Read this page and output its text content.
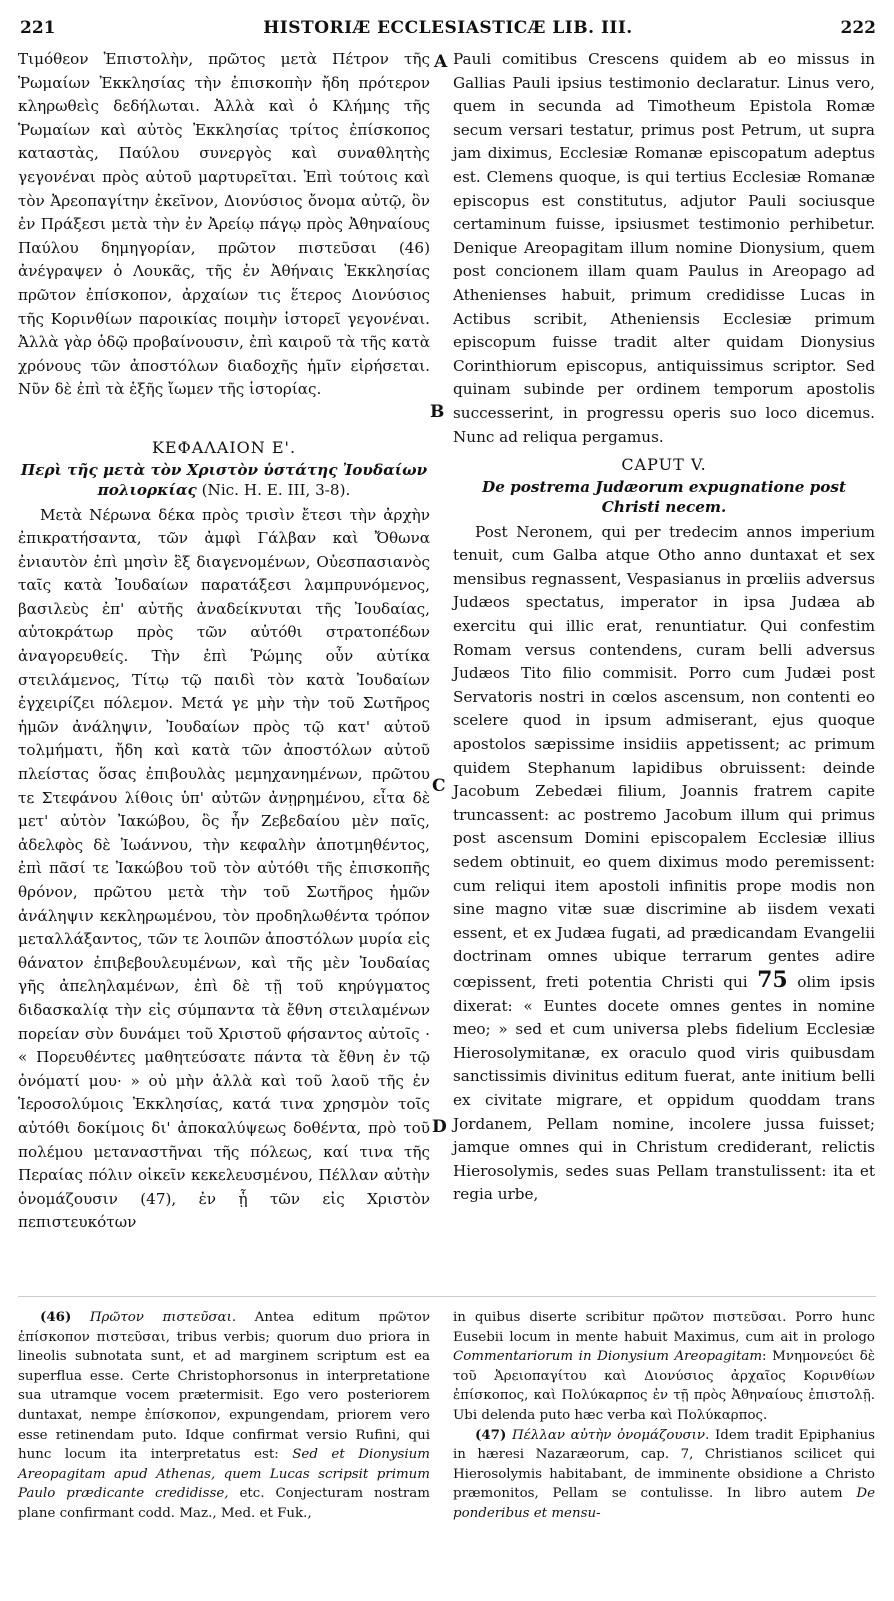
221	HISTORIÆ ECCLESIASTICÆ LIB. III.	222
A
B
C
D

Τιμόθεον Ἐπιστολὴν, πρῶτος μετὰ Πέτρον τῆς Ῥωμαίων Ἐκκλησίας τὴν ἐπισκοπὴν ἤδη πρότερον κληρωθεὶς δεδήλωται. Ἀλλὰ καὶ ὁ Κλήμης τῆς Ῥωμαίων καὶ αὐτὸς Ἐκκλησίας τρίτος ἐπίσκοπος καταστὰς, Παύλου συνεργὸς καὶ συναθλητὴς γεγονέναι πρὸς αὐτοῦ μαρτυρεῖται. Ἐπὶ τούτοις καὶ τὸν Ἀρεοπαγίτην ἐκεῖνον, Διονύσιος ὄνομα αὐτῷ, ὃν ἐν Πράξεσι μετὰ τὴν ἐν Ἀρείῳ πάγῳ πρὸς Ἀθηναίους Παύλου δημηγορίαν, πρῶτον πιστεῦσαι (46) ἀνέγραψεν ὁ Λουκᾶς, τῆς ἐν Ἀθήναις Ἐκκλησίας πρῶτον ἐπίσκοπον, ἀρχαίων τις ἕτερος Διονύσιος τῆς Κορινθίων παροικίας ποιμὴν ἱστορεῖ γεγονέναι. Ἀλλὰ γὰρ ὁδῷ προβαίνουσιν, ἐπὶ καιροῦ τὰ τῆς κατὰ χρόνους τῶν ἀποστόλων διαδοχῆς ἡμῖν εἰρήσεται. Νῦν δὲ ἐπὶ τὰ ἑξῆς ἴωμεν τῆς ἱστορίας.

ΚΕΦΑΛΑΙΟΝ Ε'.
Περὶ τῆς μετὰ τὸν Χριστὸν ὑστάτης Ἰουδαίων πολιορκίας (Nic. H. E. III, 3-8).

Μετὰ Νέρωνα δέκα πρὸς τρισὶν ἔτεσι τὴν ἀρχὴν ἐπικρατήσαντα, τῶν ἀμφὶ Γάλβαν καὶ Ὄθωνα ἐνιαυτὸν ἐπὶ μησὶν ἓξ διαγενομένων, Οὐεσπασιανὸς ταῖς κατὰ Ἰουδαίων παρατάξεσι λαμπρυνόμενος, βασιλεὺς ἐπ' αὐτῆς ἀναδείκνυται τῆς Ἰουδαίας, αὐτοκράτωρ πρὸς τῶν αὐτόθι στρατοπέδων ἀναγορευθείς. Τὴν ἐπὶ Ῥώμης οὖν αὐτίκα στειλάμενος, Τίτῳ τῷ παιδὶ τὸν κατὰ Ἰουδαίων ἐγχειρίζει πόλεμον. Μετά γε μὴν τὴν τοῦ Σωτῆρος ἡμῶν ἀνάληψιν, Ἰουδαίων πρὸς τῷ κατ' αὐτοῦ τολμήματι, ἤδη καὶ κατὰ τῶν ἀποστόλων αὐτοῦ πλείστας ὅσας ἐπιβουλὰς μεμηχανημένων, πρῶτου τε Στεφάνου λίθοις ὑπ' αὐτῶν ἀνῃρημένου, εἶτα δὲ μετ' αὐτὸν Ἰακώβου, ὃς ἦν Ζεβεδαίου μὲν παῖς, ἀδελφὸς δὲ Ἰωάννου, τὴν κεφαλὴν ἀποτμηθέντος, ἐπὶ πᾶσί τε Ἰακώβου τοῦ τὸν αὐτόθι τῆς ἐπισκοπῆς θρόνον, πρῶτου μετὰ τὴν τοῦ Σωτῆρος ἡμῶν ἀνάληψιν κεκληρωμένου, τὸν προδηλωθέντα τρόπον μεταλλάξαντος, τῶν τε λοιπῶν ἀποστόλων μυρία εἰς θάνατον ἐπιβεβουλευμένων, καὶ τῆς μὲν Ἰουδαίας γῆς ἀπεληλαμένων, ἐπὶ δὲ τῇ τοῦ κηρύγματος διδασκαλίᾳ τὴν εἰς σύμπαντα τὰ ἔθνη στειλαμένων πορείαν σὺν δυνάμει τοῦ Χριστοῦ φήσαντος αὐτοῖς · « Πορευθέντες μαθητεύσατε πάντα τὰ ἔθνη ἐν τῷ ὀνόματί μου· » οὐ μὴν ἀλλὰ καὶ τοῦ λαοῦ τῆς ἐν Ἱεροσολύμοις Ἐκκλησίας, κατά τινα χρησμὸν τοῖς αὐτόθι δοκίμοις δι' ἀποκαλύψεως δοθέντα, πρὸ τοῦ πολέμου μεταναστῆναι τῆς πόλεως, καί τινα τῆς Περαίας πόλιν οἰκεῖν κεκελευσμένου, Πέλλαν αὐτὴν ὀνομάζουσιν (47), ἐν ᾗ τῶν εἰς Χριστὸν πεπιστευκότων

Pauli comitibus Crescens quidem ab eo missus in Gallias Pauli ipsius testimonio declaratur. Linus vero, quem in secunda ad Timotheum Epistola Romæ secum versari testatur, primus post Petrum, ut supra jam diximus, Ecclesiæ Romanæ episcopatum adeptus est. Clemens quoque, is qui tertius Ecclesiæ Romanæ episcopus est constitutus, adjutor Pauli sociusque certaminum fuisse, ipsiusmet testimonio perhibetur. Denique Areopagitam illum nomine Dionysium, quem post concionem illam quam Paulus in Areopago ad Athenienses habuit, primum credidisse Lucas in Actibus scribit, Atheniensis Ecclesiæ primum episcopum fuisse tradit alter quidam Dionysius Corinthiorum episcopus, antiquissimus scriptor. Sed quinam subinde per ordinem temporum apostolis successerint, in progressu operis suo loco dicemus. Nunc ad reliqua pergamus.

CAPUT V.
De postrema Judæorum expugnatione post Christi necem.

Post Neronem, qui per tredecim annos imperium tenuit, cum Galba atque Otho anno duntaxat et sex mensibus regnassent, Vespasianus in prœliis adversus Judæos spectatus, imperator in ipsa Judæa ab exercitu qui illic erat, renuntiatur. Qui confestim Romam versus contendens, curam belli adversus Judæos Tito filio commisit. Porro cum Judæi post Servatoris nostri in cœlos ascensum, non contenti eo scelere quod in ipsum admiserant, ejus quoque apostolos sæpissime insidiis appetissent; ac primum quidem Stephanum lapidibus obruissent: deinde Jacobum Zebedæi filium, Joannis fratrem capite truncassent: ac postremo Jacobum illum qui primus post ascensum Domini episcopalem Ecclesiæ illius sedem obtinuit, eo quem diximus modo peremissent: cum reliqui item apostoli infinitis prope modis non sine magno vitæ suæ discrimine ab iisdem vexati essent, et ex Judæa fugati, ad prædicandam Evangelii doctrinam omnes ubique terrarum gentes adire cœpissent, freti potentia Christi qui 75 olim ipsis dixerat: « Euntes docete omnes gentes in nomine meo; » sed et cum universa plebs fidelium Ecclesiæ Hierosolymitanæ, ex oraculo quod viris quibusdam sanctissimis divinitus editum fuerat, ante initium belli ex civitate migrare, et oppidum quoddam trans Jordanem, Pellam nomine, incolere jussa fuisset; jamque omnes qui in Christum crediderant, relictis Hierosolymis, sedes suas Pellam transtulissent: ita et regia urbe,

(46) Πρῶτον πιστεῦσαι. Antea editum πρῶτον ἐπίσκοπον πιστεῦσαι, tribus verbis; quorum duo priora in lineolis subnotata sunt, et ad marginem scriptum est ea superflua esse. Certe Christophorsonus in interpretatione sua utramque vocem prætermisit. Ego vero posteriorem duntaxat, nempe ἐπίσκοπον, expungendam, priorem vero esse retinendam puto. Idque confirmat versio Rufini, qui hunc locum ita interpretatus est: Sed et Dionysium Areopagitam apud Athenas, quem Lucas scripsit primum Paulo prædicante credidisse, etc. Conjecturam nostram plane confirmant codd. Maz., Med. et Fuk.,

in quibus diserte scribitur πρῶτον πιστεῦσαι. Porro hunc Eusebii locum in mente habuit Maximus, cum ait in prologo Commentariorum in Dionysium Areopagitam: Μνημονεύει δὲ τοῦ Ἀρειοπαγίτου καὶ Διονύσιος ἀρχαῖος Κορινθίων ἐπίσκοπος, καὶ Πολύκαρπος ἐν τῇ πρὸς Ἀθηναίους ἐπιστολῇ. Ubi delenda puto hæc verba καὶ Πολύκαρπος.

(47) Πέλλαν αὐτὴν ὀνομάζουσιν. Idem tradit Epiphanius in hæresi Nazaræorum, cap. 7, Christianos scilicet qui Hierosolymis habitabant, de imminente obsidione a Christo præmonitos, Pellam se contulisse. In libro autem De ponderibus et mensu-
